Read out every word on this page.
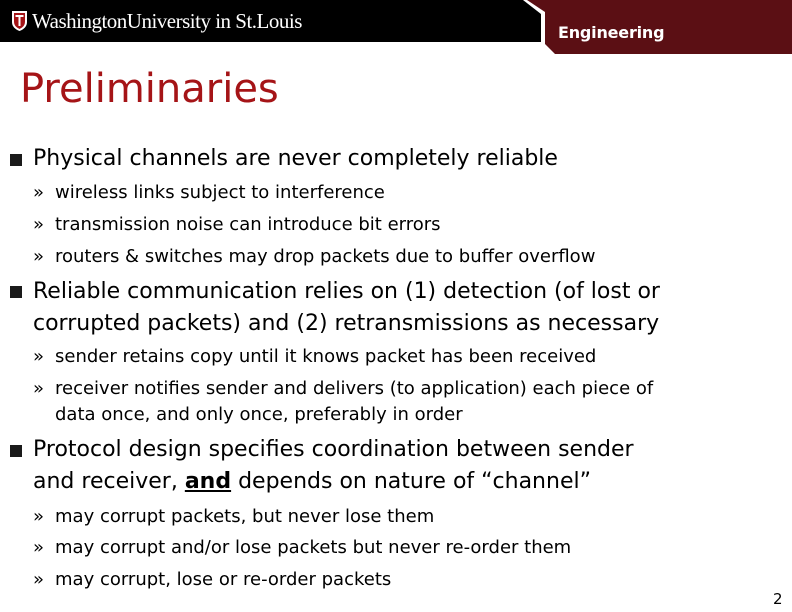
WashingtonUniversity in St.Louis	Engineering
Preliminaries
Physical channels are never completely reliable
» wireless links subject to interference
» transmission noise can introduce bit errors
» routers & switches may drop packets due to buffer overflow
Reliable communication relies on (1) detection (of lost or
corrupted packets) and (2) retransmissions as necessary
» sender retains copy until it knows packet has been received
» receiver notifies sender and delivers (to application) each piece of
data once, and only once, preferably in order
Protocol design specifies coordination between sender
and receiver, and depends on nature of “channel”
» may corrupt packets, but never lose them
» may corrupt and/or lose packets but never re-order them
» may corrupt, lose or re-order packets
2
